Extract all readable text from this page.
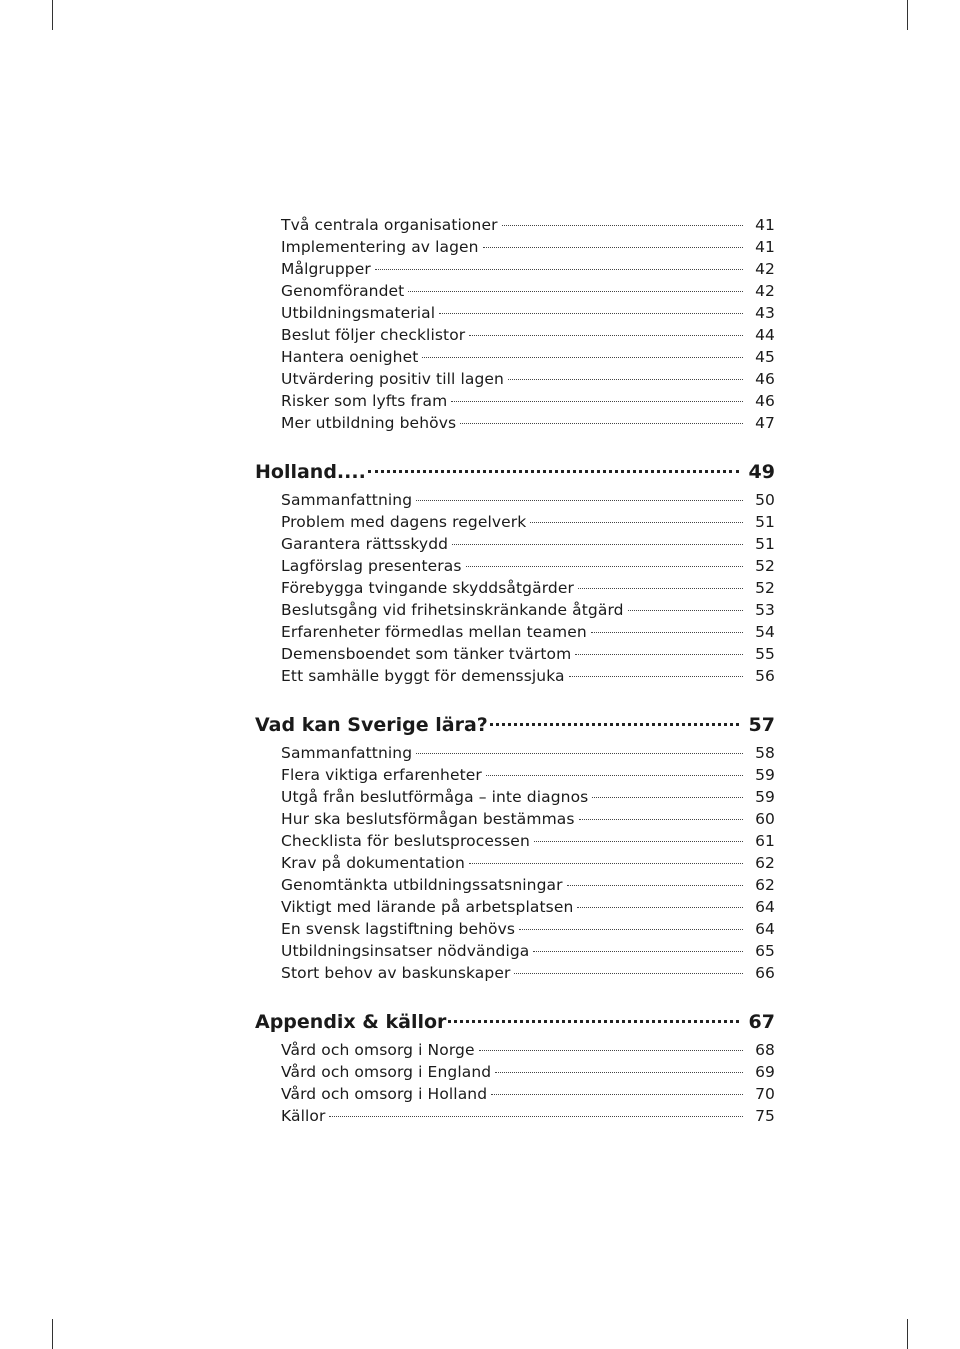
Två centrala organisationer	41
Implementering av lagen	41
Målgrupper	42
Genomförandet	42
Utbildningsmaterial	43
Beslut följer checklistor	44
Hantera oenighet	45
Utvärdering positiv till lagen	46
Risker som lyfts fram	46
Mer utbildning behövs	47
Holland....	49
Sammanfattning	50
Problem med dagens regelverk	51
Garantera rättsskydd	51
Lagförslag presenteras	52
Förebygga tvingande skyddsåtgärder	52
Beslutsgång vid frihetsinskränkande åtgärd	53
Erfarenheter förmedlas mellan teamen	54
Demensboendet som tänker tvärtom	55
Ett samhälle byggt för demenssjuka	56
Vad kan Sverige lära?	57
Sammanfattning	58
Flera viktiga erfarenheter	59
Utgå från beslutförmåga – inte diagnos	59
Hur ska beslutsförmågan bestämmas	60
Checklista för beslutsprocessen	61
Krav på dokumentation	62
Genomtänkta utbildningssatsningar	62
Viktigt med lärande på arbetsplatsen	64
En svensk lagstiftning behövs	64
Utbildningsinsatser nödvändiga	65
Stort behov av baskunskaper	66
Appendix & källor	67
Vård och omsorg i Norge	68
Vård och omsorg i England	69
Vård och omsorg i Holland	70
Källor	75
